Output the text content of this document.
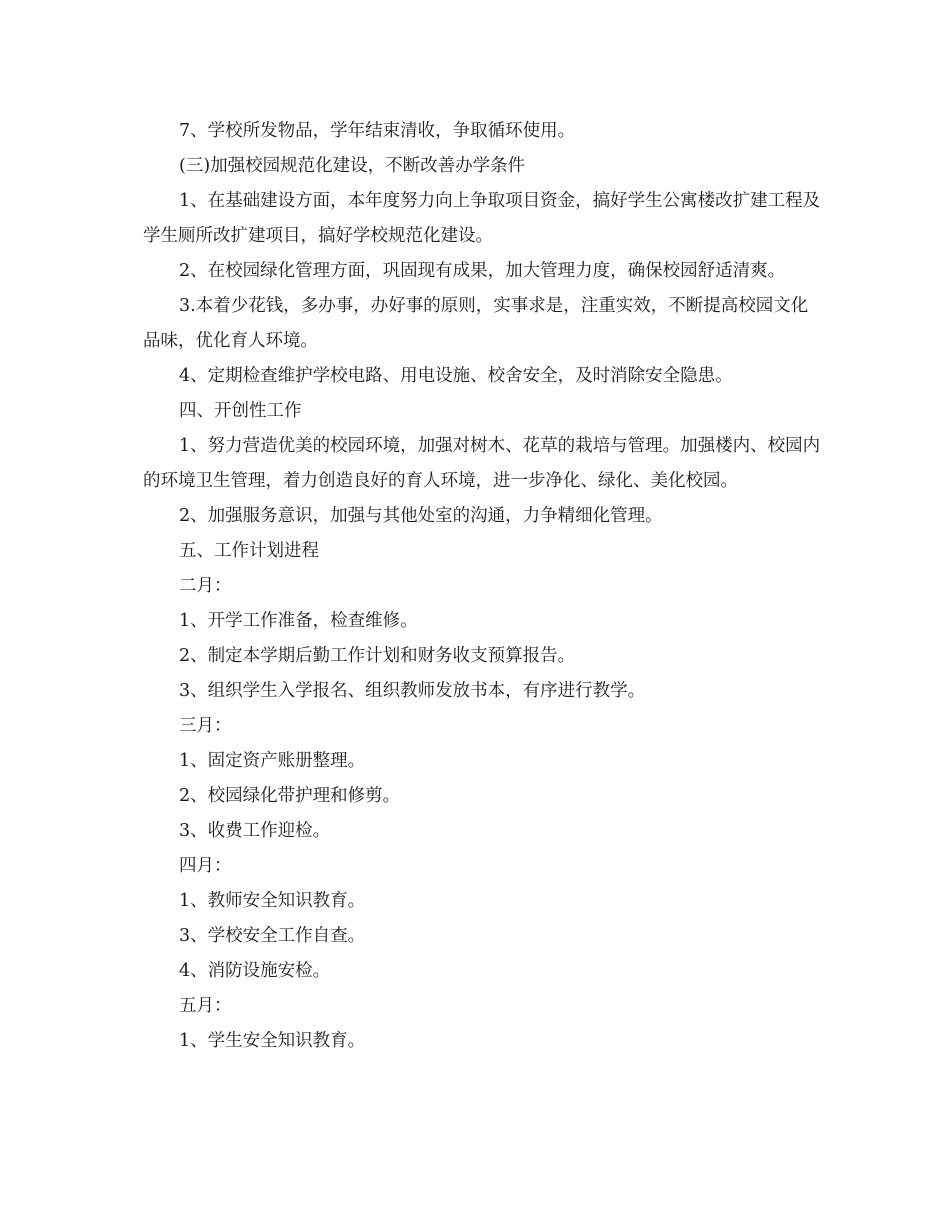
7、学校所发物品，学年结束清收，争取循环使用。

(三)加强校园规范化建设，不断改善办学条件

1、在基础建设方面，本年度努力向上争取项目资金，搞好学生公寓楼改扩建工程及学生厕所改扩建项目，搞好学校规范化建设。

2、在校园绿化管理方面，巩固现有成果，加大管理力度，确保校园舒适清爽。

3.本着少花钱，多办事，办好事的原则，实事求是，注重实效，不断提高校园文化品味，优化育人环境。

4、定期检查维护学校电路、用电设施、校舍安全，及时消除安全隐患。

四、开创性工作

1、努力营造优美的校园环境，加强对树木、花草的栽培与管理。加强楼内、校园内的环境卫生管理，着力创造良好的育人环境，进一步净化、绿化、美化校园。

2、加强服务意识，加强与其他处室的沟通，力争精细化管理。

五、工作计划进程

二月：

1、开学工作准备，检查维修。

2、制定本学期后勤工作计划和财务收支预算报告。

3、组织学生入学报名、组织教师发放书本，有序进行教学。

三月：

1、固定资产账册整理。

2、校园绿化带护理和修剪。

3、收费工作迎检。

四月：

1、教师安全知识教育。

3、学校安全工作自查。

4、消防设施安检。

五月：

1、学生安全知识教育。
